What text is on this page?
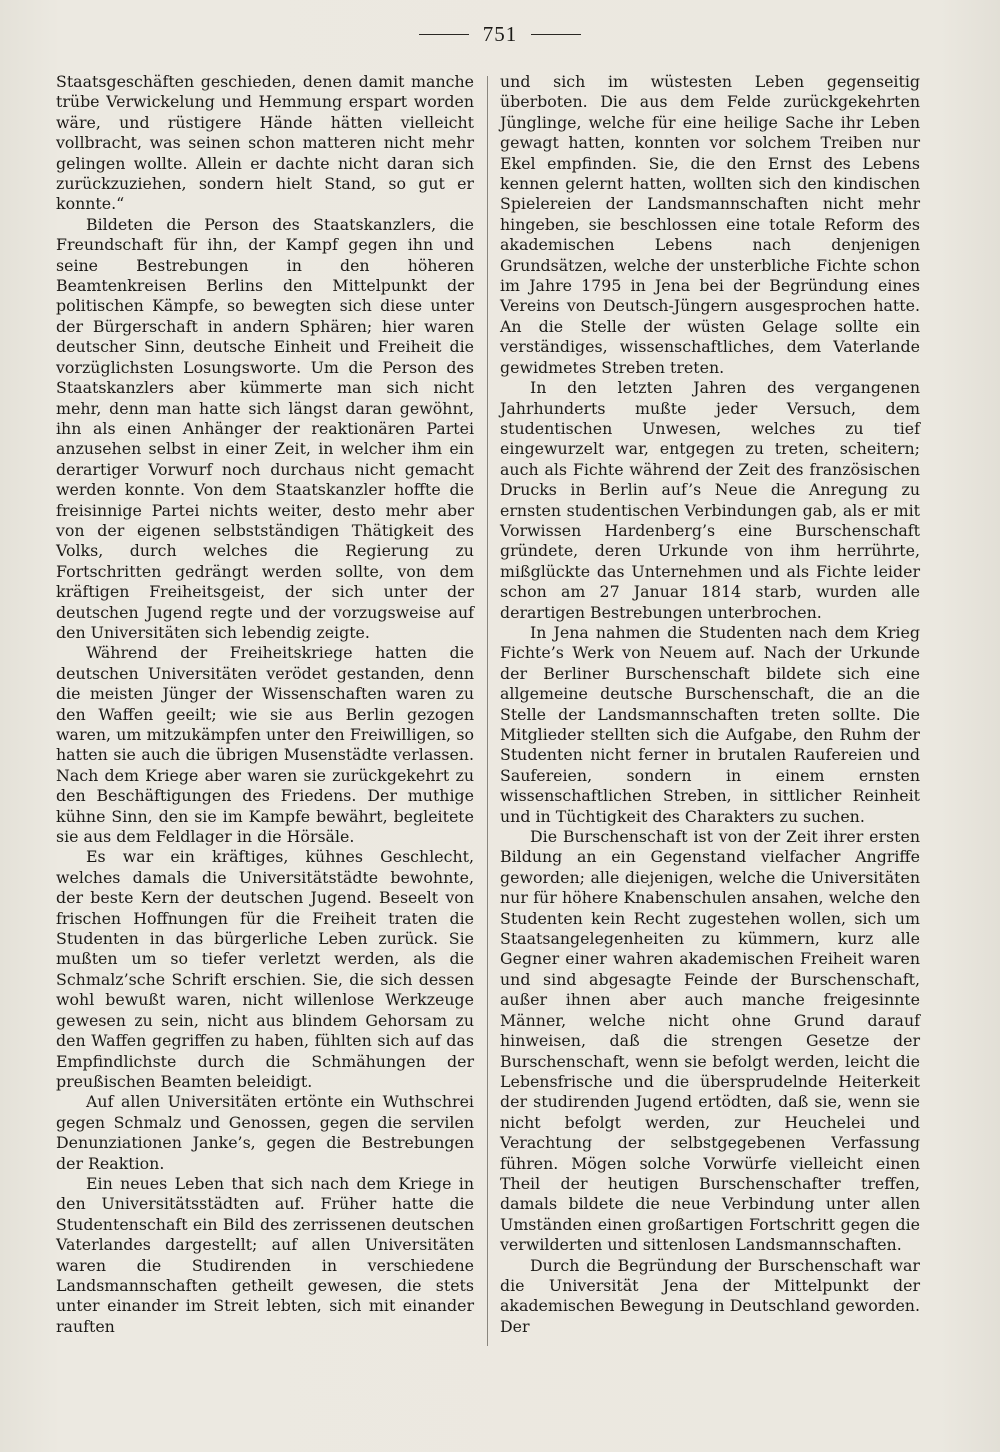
751

Staatsgeschäften geschieden, denen damit manche trübe Verwickelung und Hemmung erspart worden wäre, und rüstigere Hände hätten vielleicht vollbracht, was seinen schon matteren nicht mehr gelingen wollte. Allein er dachte nicht daran sich zurückzuziehen, sondern hielt Stand, so gut er konnte.“

Bildeten die Person des Staatskanzlers, die Freundschaft für ihn, der Kampf gegen ihn und seine Bestrebungen in den höheren Beamtenkreisen Berlins den Mittelpunkt der politischen Kämpfe, so bewegten sich diese unter der Bürgerschaft in andern Sphären; hier waren deutscher Sinn, deutsche Einheit und Freiheit die vorzüglichsten Losungsworte. Um die Person des Staatskanzlers aber kümmerte man sich nicht mehr, denn man hatte sich längst daran gewöhnt, ihn als einen Anhänger der reaktionären Partei anzusehen selbst in einer Zeit, in welcher ihm ein derartiger Vorwurf noch durchaus nicht gemacht werden konnte. Von dem Staatskanzler hoffte die freisinnige Partei nichts weiter, desto mehr aber von der eigenen selbstständigen Thätigkeit des Volks, durch welches die Regierung zu Fortschritten gedrängt werden sollte, von dem kräftigen Freiheitsgeist, der sich unter der deutschen Jugend regte und der vorzugsweise auf den Universitäten sich lebendig zeigte.

Während der Freiheitskriege hatten die deutschen Universitäten verödet gestanden, denn die meisten Jünger der Wissenschaften waren zu den Waffen geeilt; wie sie aus Berlin gezogen waren, um mitzukämpfen unter den Freiwilligen, so hatten sie auch die übrigen Musenstädte verlassen. Nach dem Kriege aber waren sie zurückgekehrt zu den Beschäftigungen des Friedens. Der muthige kühne Sinn, den sie im Kampfe bewährt, begleitete sie aus dem Feldlager in die Hörsäle.

Es war ein kräftiges, kühnes Geschlecht, welches damals die Universitätstädte bewohnte, der beste Kern der deutschen Jugend. Beseelt von frischen Hoffnungen für die Freiheit traten die Studenten in das bürgerliche Leben zurück. Sie mußten um so tiefer verletzt werden, als die Schmalz’sche Schrift erschien. Sie, die sich dessen wohl bewußt waren, nicht willenlose Werkzeuge gewesen zu sein, nicht aus blindem Gehorsam zu den Waffen gegriffen zu haben, fühlten sich auf das Empfindlichste durch die Schmähungen der preußischen Beamten beleidigt.

Auf allen Universitäten ertönte ein Wuthschrei gegen Schmalz und Genossen, gegen die servilen Denunziationen Janke’s, gegen die Bestrebungen der Reaktion.

Ein neues Leben that sich nach dem Kriege in den Universitätsstädten auf. Früher hatte die Studentenschaft ein Bild des zerrissenen deutschen Vaterlandes dargestellt; auf allen Universitäten waren die Studirenden in verschiedene Landsmannschaften getheilt gewesen, die stets unter einander im Streit lebten, sich mit einander rauften

und sich im wüstesten Leben gegenseitig überboten. Die aus dem Felde zurückgekehrten Jünglinge, welche für eine heilige Sache ihr Leben gewagt hatten, konnten vor solchem Treiben nur Ekel empfinden. Sie, die den Ernst des Lebens kennen gelernt hatten, wollten sich den kindischen Spielereien der Landsmannschaften nicht mehr hingeben, sie beschlossen eine totale Reform des akademischen Lebens nach denjenigen Grundsätzen, welche der unsterbliche Fichte schon im Jahre 1795 in Jena bei der Begründung eines Vereins von Deutsch-Jüngern ausgesprochen hatte. An die Stelle der wüsten Gelage sollte ein verständiges, wissenschaftliches, dem Vaterlande gewidmetes Streben treten.

In den letzten Jahren des vergangenen Jahrhunderts mußte jeder Versuch, dem studentischen Unwesen, welches zu tief eingewurzelt war, entgegen zu treten, scheitern; auch als Fichte während der Zeit des französischen Drucks in Berlin auf’s Neue die Anregung zu ernsten studentischen Verbindungen gab, als er mit Vorwissen Hardenberg’s eine Burschenschaft gründete, deren Urkunde von ihm herrührte, mißglückte das Unternehmen und als Fichte leider schon am 27 Januar 1814 starb, wurden alle derartigen Bestrebungen unterbrochen.

In Jena nahmen die Studenten nach dem Krieg Fichte’s Werk von Neuem auf. Nach der Urkunde der Berliner Burschenschaft bildete sich eine allgemeine deutsche Burschenschaft, die an die Stelle der Landsmannschaften treten sollte. Die Mitglieder stellten sich die Aufgabe, den Ruhm der Studenten nicht ferner in brutalen Raufereien und Saufereien, sondern in einem ernsten wissenschaftlichen Streben, in sittlicher Reinheit und in Tüchtigkeit des Charakters zu suchen.

Die Burschenschaft ist von der Zeit ihrer ersten Bildung an ein Gegenstand vielfacher Angriffe geworden; alle diejenigen, welche die Universitäten nur für höhere Knabenschulen ansahen, welche den Studenten kein Recht zugestehen wollen, sich um Staatsangelegenheiten zu kümmern, kurz alle Gegner einer wahren akademischen Freiheit waren und sind abgesagte Feinde der Burschenschaft, außer ihnen aber auch manche freigesinnte Männer, welche nicht ohne Grund darauf hinweisen, daß die strengen Gesetze der Burschenschaft, wenn sie befolgt werden, leicht die Lebensfrische und die übersprudelnde Heiterkeit der studirenden Jugend ertödten, daß sie, wenn sie nicht befolgt werden, zur Heuchelei und Verachtung der selbstgegebenen Verfassung führen. Mögen solche Vorwürfe vielleicht einen Theil der heutigen Burschenschafter treffen, damals bildete die neue Verbindung unter allen Umständen einen großartigen Fortschritt gegen die verwilderten und sittenlosen Landsmannschaften.

Durch die Begründung der Burschenschaft war die Universität Jena der Mittelpunkt der akademischen Bewegung in Deutschland geworden. Der
